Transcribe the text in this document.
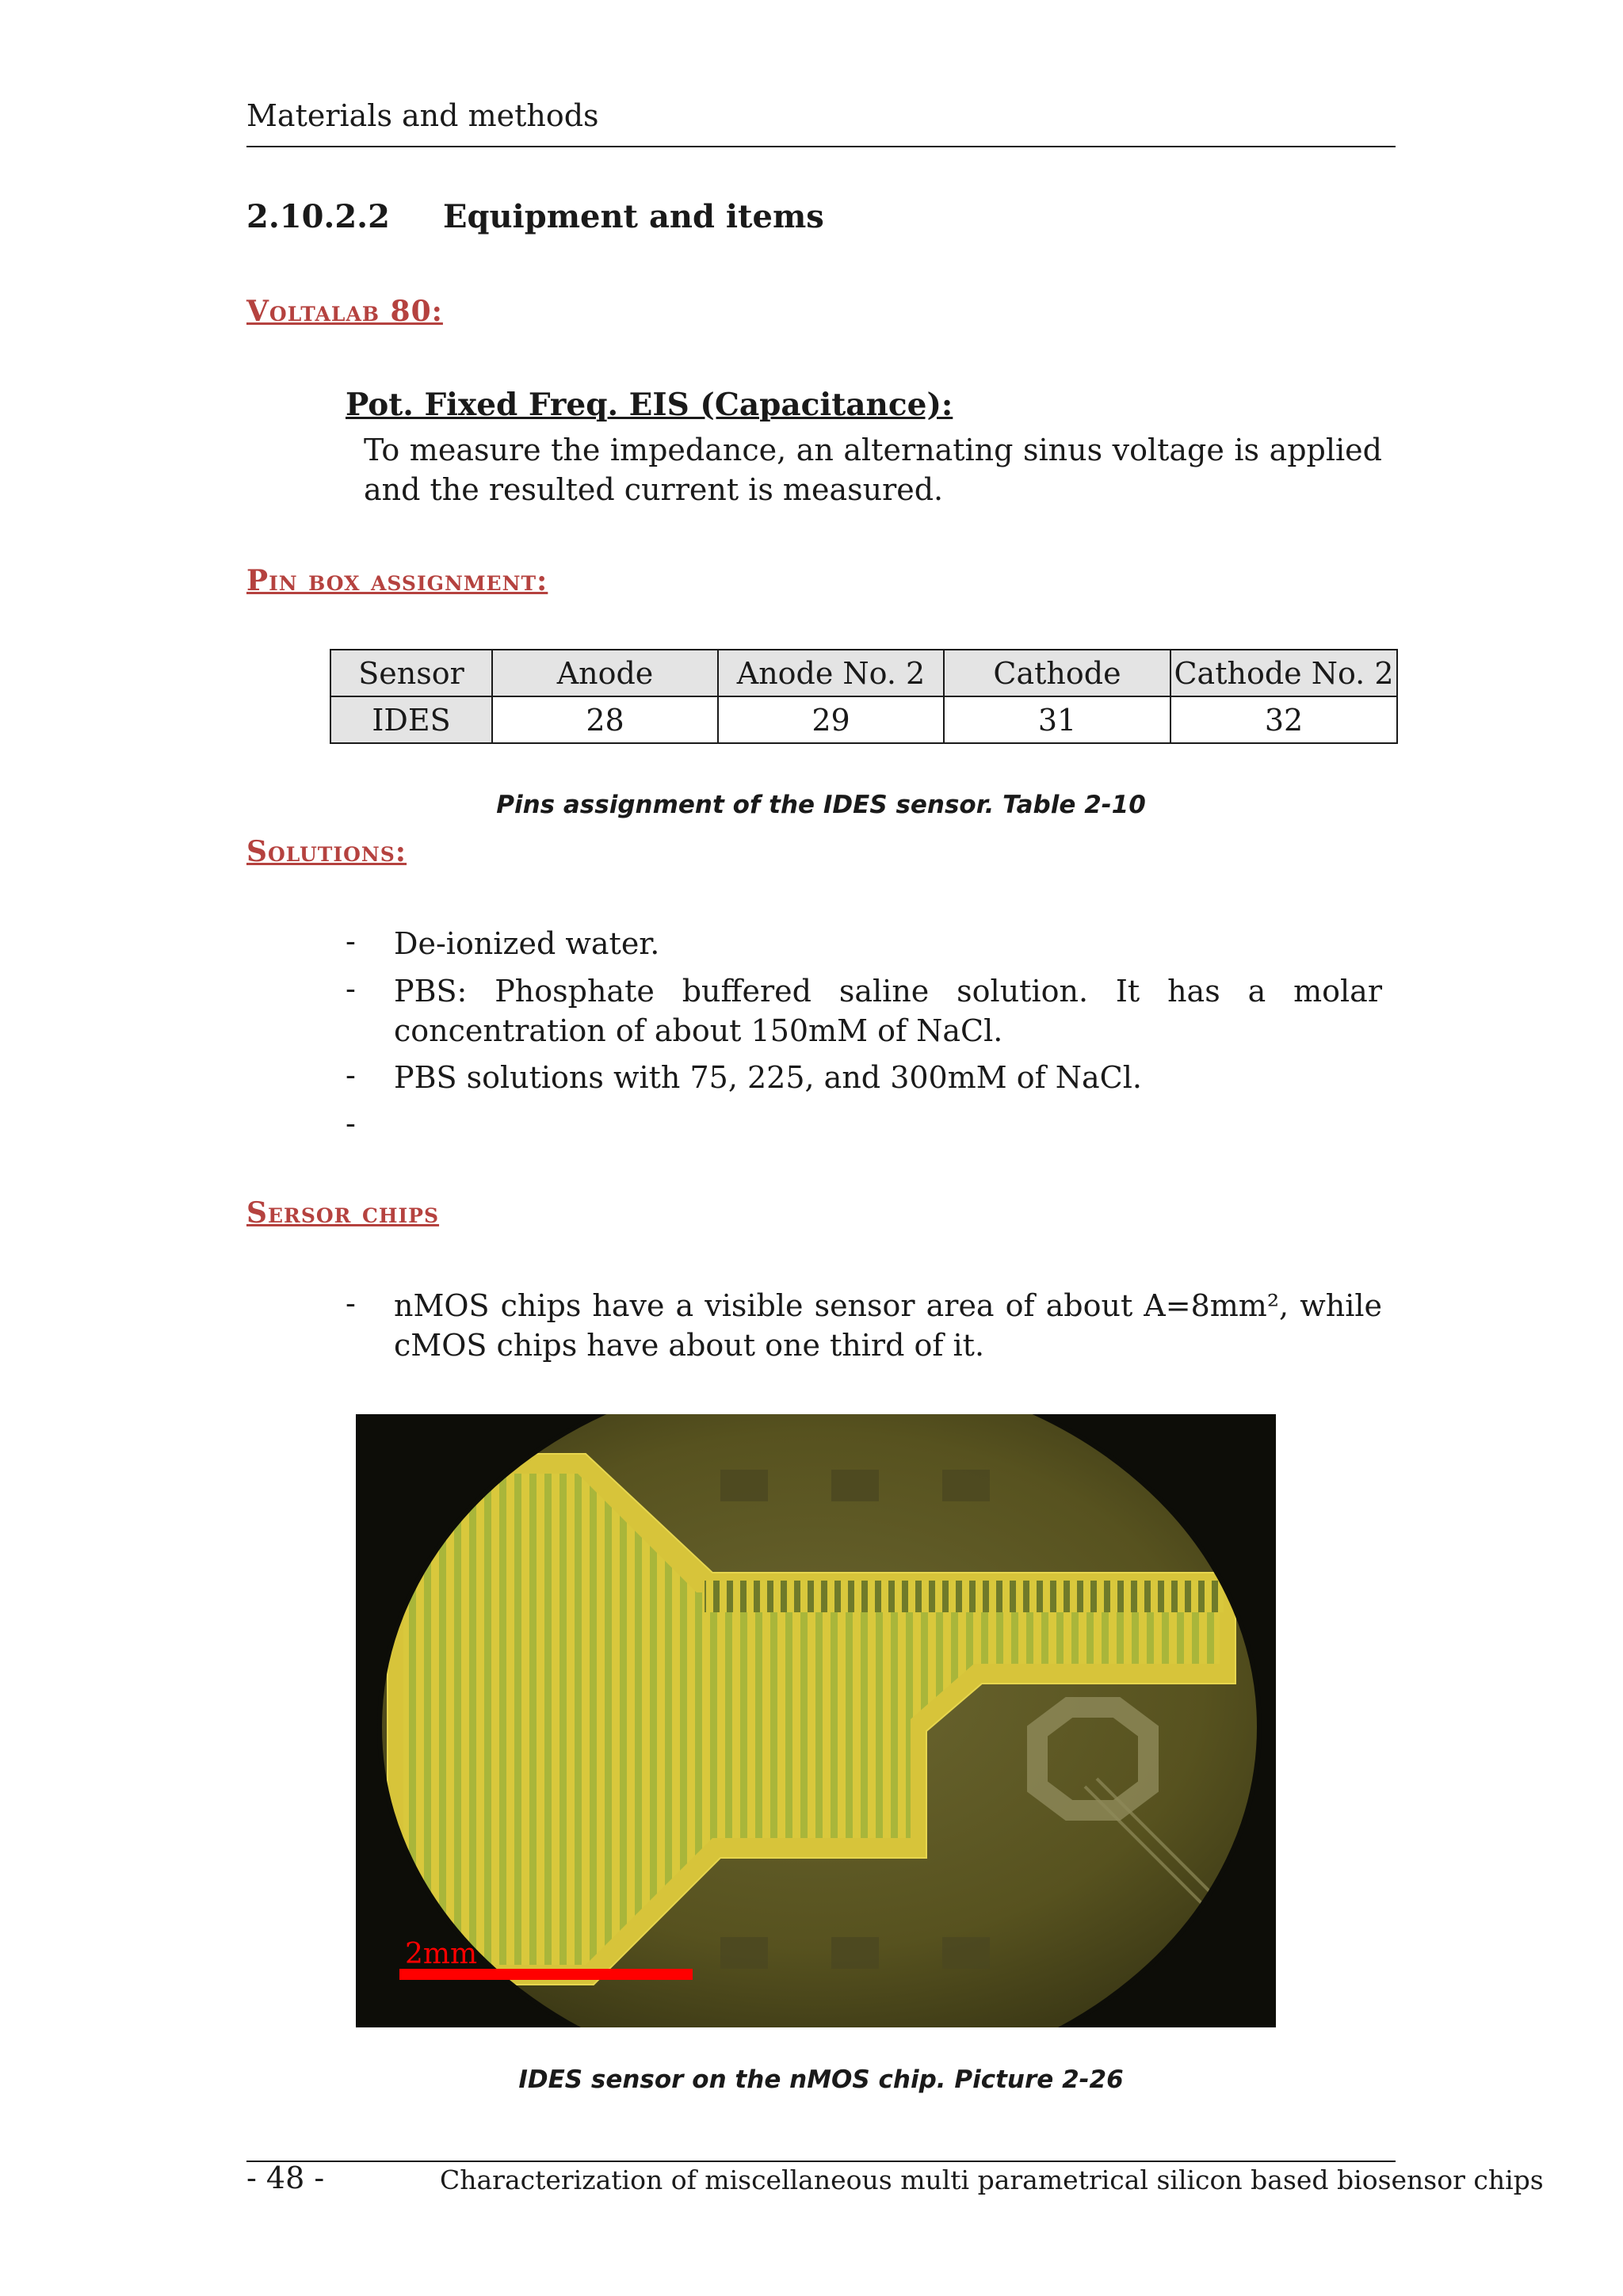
Materials and methods
2.10.2.2 Equipment and items
Voltalab 80:
Pot. Fixed Freq. EIS (Capacitance):
To measure the impedance, an alternating sinus voltage is applied and the resulted current is measured.
Pin box assignment:
Sensor	Anode	Anode No. 2	Cathode	Cathode No. 2
IDES	28	29	31	32
Pins assignment of the IDES sensor. Table 2-10
Solutions:
- De-ionized water.
- PBS: Phosphate buffered saline solution. It has a molar concentration of about 150mM of NaCl.
- PBS solutions with 75, 225, and 300mM of NaCl.
-
Sersor chips
- nMOS chips have a visible sensor area of about A=8mm², while cMOS chips have about one third of it.
2mm
IDES sensor on the nMOS chip. Picture 2-26
- 48 -	Characterization of miscellaneous multi parametrical silicon based biosensor chips
